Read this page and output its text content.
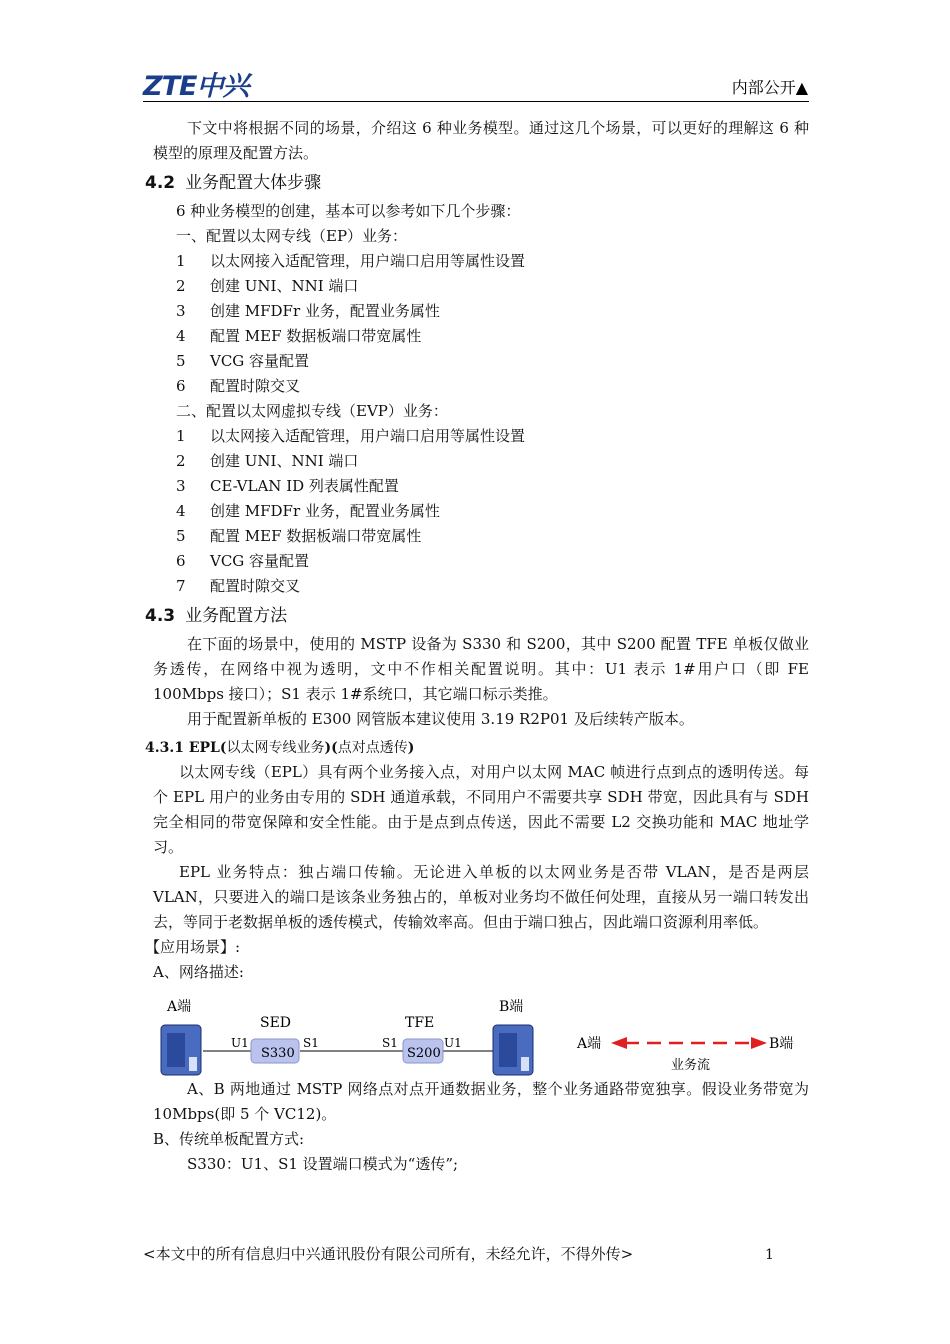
ZTE中兴	内部公开▲

下文中将根据不同的场景，介绍这 6 种业务模型。通过这几个场景，可以更好的理解这 6 种模型的原理及配置方法。

4.2 业务配置大体步骤

6 种业务模型的创建，基本可以参考如下几个步骤：

一、配置以太网专线（EP）业务：

1	以太网接入适配管理，用户端口启用等属性设置

2	创建 UNI、NNI 端口

3	创建 MFDFr 业务，配置业务属性

4	配置 MEF 数据板端口带宽属性

5	VCG 容量配置

6	配置时隙交叉

二、配置以太网虚拟专线（EVP）业务：

1	以太网接入适配管理，用户端口启用等属性设置

2	创建 UNI、NNI 端口

3	CE-VLAN ID 列表属性配置

4	创建 MFDFr 业务，配置业务属性

5	配置 MEF 数据板端口带宽属性

6	VCG 容量配置

7	配置时隙交叉

4.3 业务配置方法

在下面的场景中，使用的 MSTP 设备为 S330 和 S200，其中 S200 配置 TFE 单板仅做业务透传，在网络中视为透明，文中不作相关配置说明。其中：U1 表示 1#用户口（即 FE 100Mbps 接口）；S1 表示 1#系统口，其它端口标示类推。

用于配置新单板的 E300 网管版本建议使用 3.19 R2P01 及后续转产版本。

4.3.1 EPL(以太网专线业务)(点对点透传)

以太网专线（EPL）具有两个业务接入点，对用户以太网 MAC 帧进行点到点的透明传送。每个 EPL 用户的业务由专用的 SDH 通道承载，不同用户不需要共享 SDH 带宽，因此具有与 SDH 完全相同的带宽保障和安全性能。由于是点到点传送，因此不需要 L2 交换功能和 MAC 地址学习。

EPL 业务特点：独占端口传输。无论进入单板的以太网业务是否带 VLAN，是否是两层 VLAN，只要进入的端口是该条业务独占的，单板对业务均不做任何处理，直接从另一端口转发出去，等同于老数据单板的透传模式，传输效率高。但由于端口独占，因此端口资源利用率低。

【应用场景】:

A、网络描述:

A端	B端
SED	TFE
S330	S200
U1	S1	S1	U1	A端	B端
业务流

A、B 两地通过 MSTP 网络点对点开通数据业务，整个业务通路带宽独享。假设业务带宽为 10Mbps(即 5 个 VC12)。

B、传统单板配置方式:

S330：U1、S1 设置端口模式为“透传”;

<本文中的所有信息归中兴通讯股份有限公司所有，未经允许，不得外传>	1
